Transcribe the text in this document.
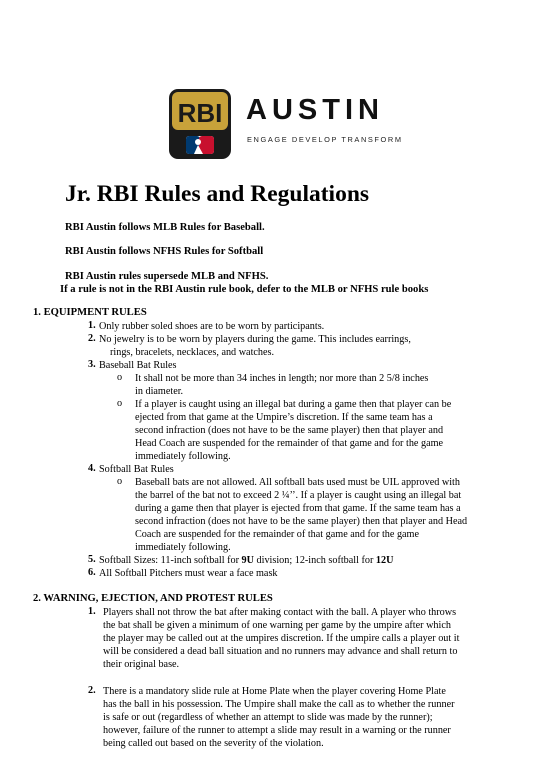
RBI AUSTIN
ENGAGE DEVELOP TRANSFORM
Jr. RBI Rules and Regulations

RBI Austin follows MLB Rules for Baseball.

RBI Austin follows NFHS Rules for Softball

RBI Austin rules supersede MLB and NFHS.

If a rule is not in the RBI Austin rule book, defer to the MLB or NFHS rule books

1. EQUIPMENT RULES

1. Only rubber soled shoes are to be worn by participants.

2. No jewelry is to be worn by players during the game. This includes earrings,

rings, bracelets, necklaces, and watches.

3. Baseball Bat Rules

o It shall not be more than 34 inches in length; nor more than 2 5/8 inches

in diameter.

o If a player is caught using an illegal bat during a game then that player can be

ejected from that game at the Umpire’s discretion. If the same team has a

second infraction (does not have to be the same player) then that player and

Head Coach are suspended for the remainder of that game and for the game

immediately following.

4. Softball Bat Rules

o Baseball bats are not allowed. All softball bats used must be UIL approved with

the barrel of the bat not to exceed 2 ¼’’. If a player is caught using an illegal bat

during a game then that player is ejected from that game. If the same team has a

second infraction (does not have to be the same player) then that player and Head

Coach are suspended for the remainder of that game and for the game

immediately following.

5. Softball Sizes: 11-inch softball for 9U division; 12-inch softball for 12U

6. All Softball Pitchers must wear a face mask

2. WARNING, EJECTION, AND PROTEST RULES

1. Players shall not throw the bat after making contact with the ball. A player who throws

the bat shall be given a minimum of one warning per game by the umpire after which

the player may be called out at the umpires discretion. If the umpire calls a player out it

will be considered a dead ball situation and no runners may advance and shall return to

their original base.

2. There is a mandatory slide rule at Home Plate when the player covering Home Plate

has the ball in his possession. The Umpire shall make the call as to whether the runner

is safe or out (regardless of whether an attempt to slide was made by the runner);

however, failure of the runner to attempt a slide may result in a warning or the runner

being called out based on the severity of the violation.
